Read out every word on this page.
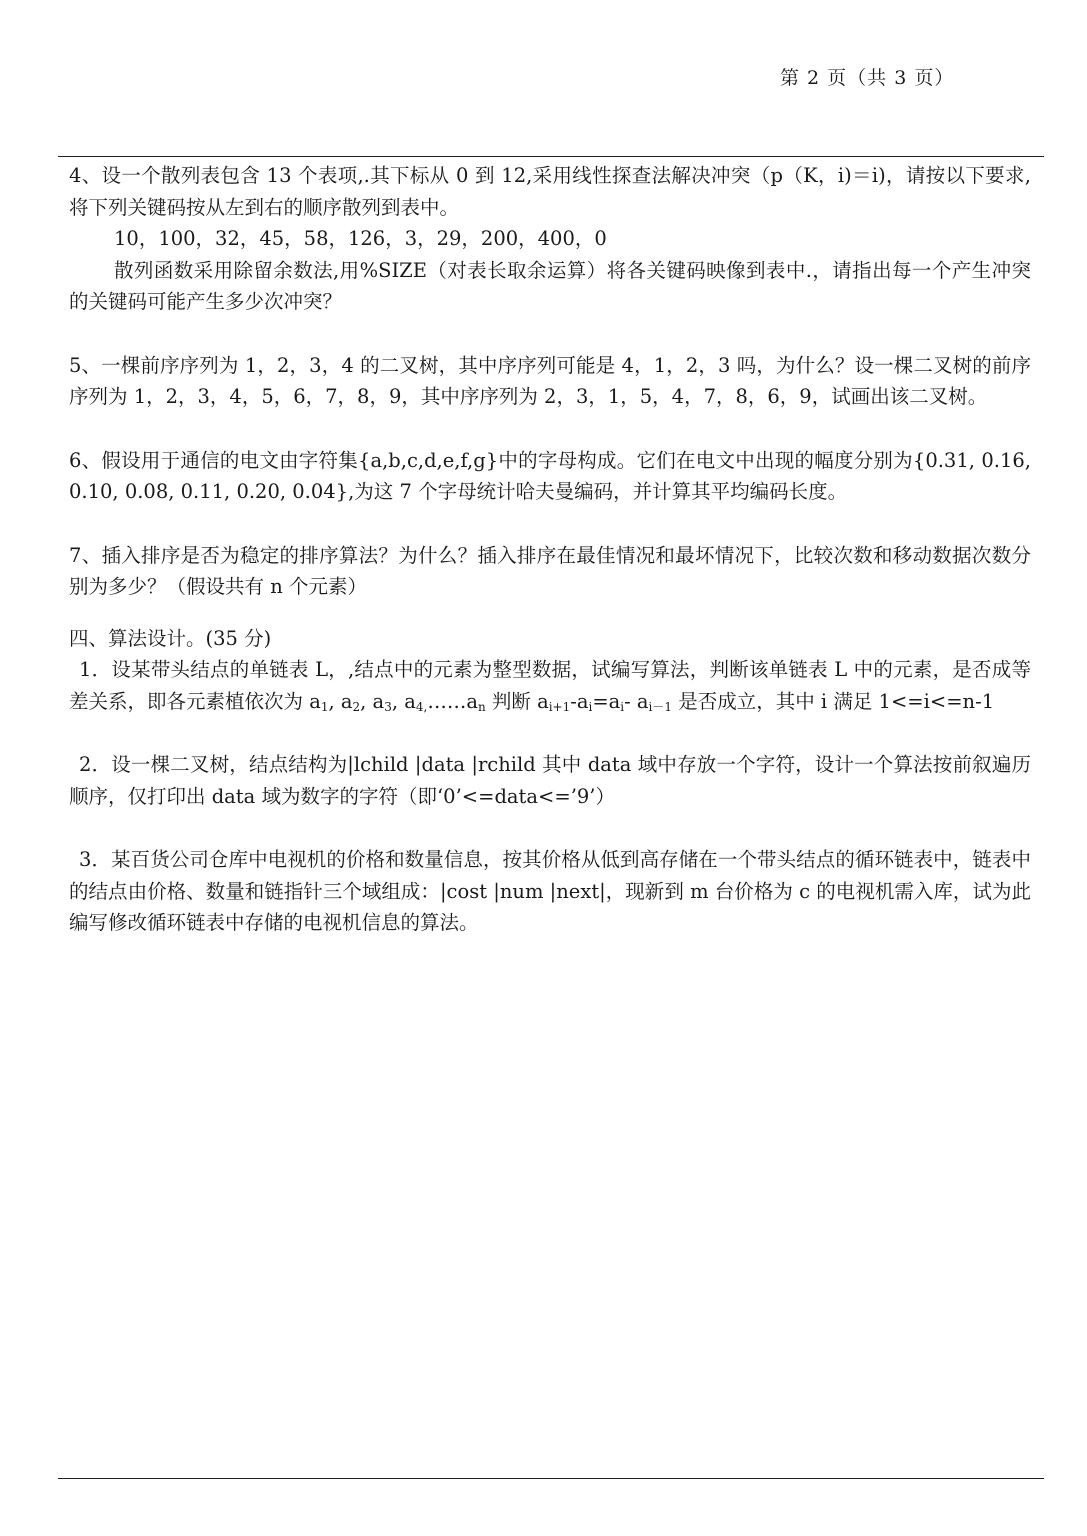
第 2 页（共 3 页）

4、设一个散列表包含 13 个表项,.其下标从 0 到 12,采用线性探查法解决冲突（p（K，i)＝i)，请按以下要求,将下列关键码按从左到右的顺序散列到表中。

10，100，32，45，58，126，3，29，200，400，0

散列函数采用除留余数法,用%SIZE（对表长取余运算）将各关键码映像到表中.，请指出每一个产生冲突的关键码可能产生多少次冲突？

5、一棵前序序列为 1，2，3，4 的二叉树，其中序序列可能是 4，1，2，3 吗，为什么？设一棵二叉树的前序序列为 1，2，3，4，5，6，7，8，9，其中序序列为 2，3，1，5，4，7，8，6，9，试画出该二叉树。

6、假设用于通信的电文由字符集{a,b,c,d,e,f,g}中的字母构成。它们在电文中出现的幅度分别为{0.31, 0.16, 0.10, 0.08, 0.11, 0.20, 0.04},为这 7 个字母统计哈夫曼编码，并计算其平均编码长度。

7、插入排序是否为稳定的排序算法？为什么？插入排序在最佳情况和最坏情况下，比较次数和移动数据次数分别为多少？（假设共有 n 个元素）

四、算法设计。(35 分)

1．设某带头结点的单链表 L，,结点中的元素为整型数据，试编写算法，判断该单链表 L 中的元素，是否成等差关系，即各元素植依次为 $a_1$, $a_2$, $a_3$, $a_{4,}\dots\dots a_n$ 判断 $a_{i+1}-a_i=a_i-$ $a_{i-1}$ 是否成立，其中 i 满足 1<=i<=n-1

2．设一棵二叉树，结点结构为|lchild |data |rchild 其中 data 域中存放一个字符，设计一个算法按前叙遍历顺序，仅打印出 data 域为数字的字符（即‘0’<=data<=’9’）

3．某百货公司仓库中电视机的价格和数量信息，按其价格从低到高存储在一个带头结点的循环链表中，链表中的结点由价格、数量和链指针三个域组成：|cost |num |next|，现新到 m 台价格为 c 的电视机需入库，试为此编写修改循环链表中存储的电视机信息的算法。
